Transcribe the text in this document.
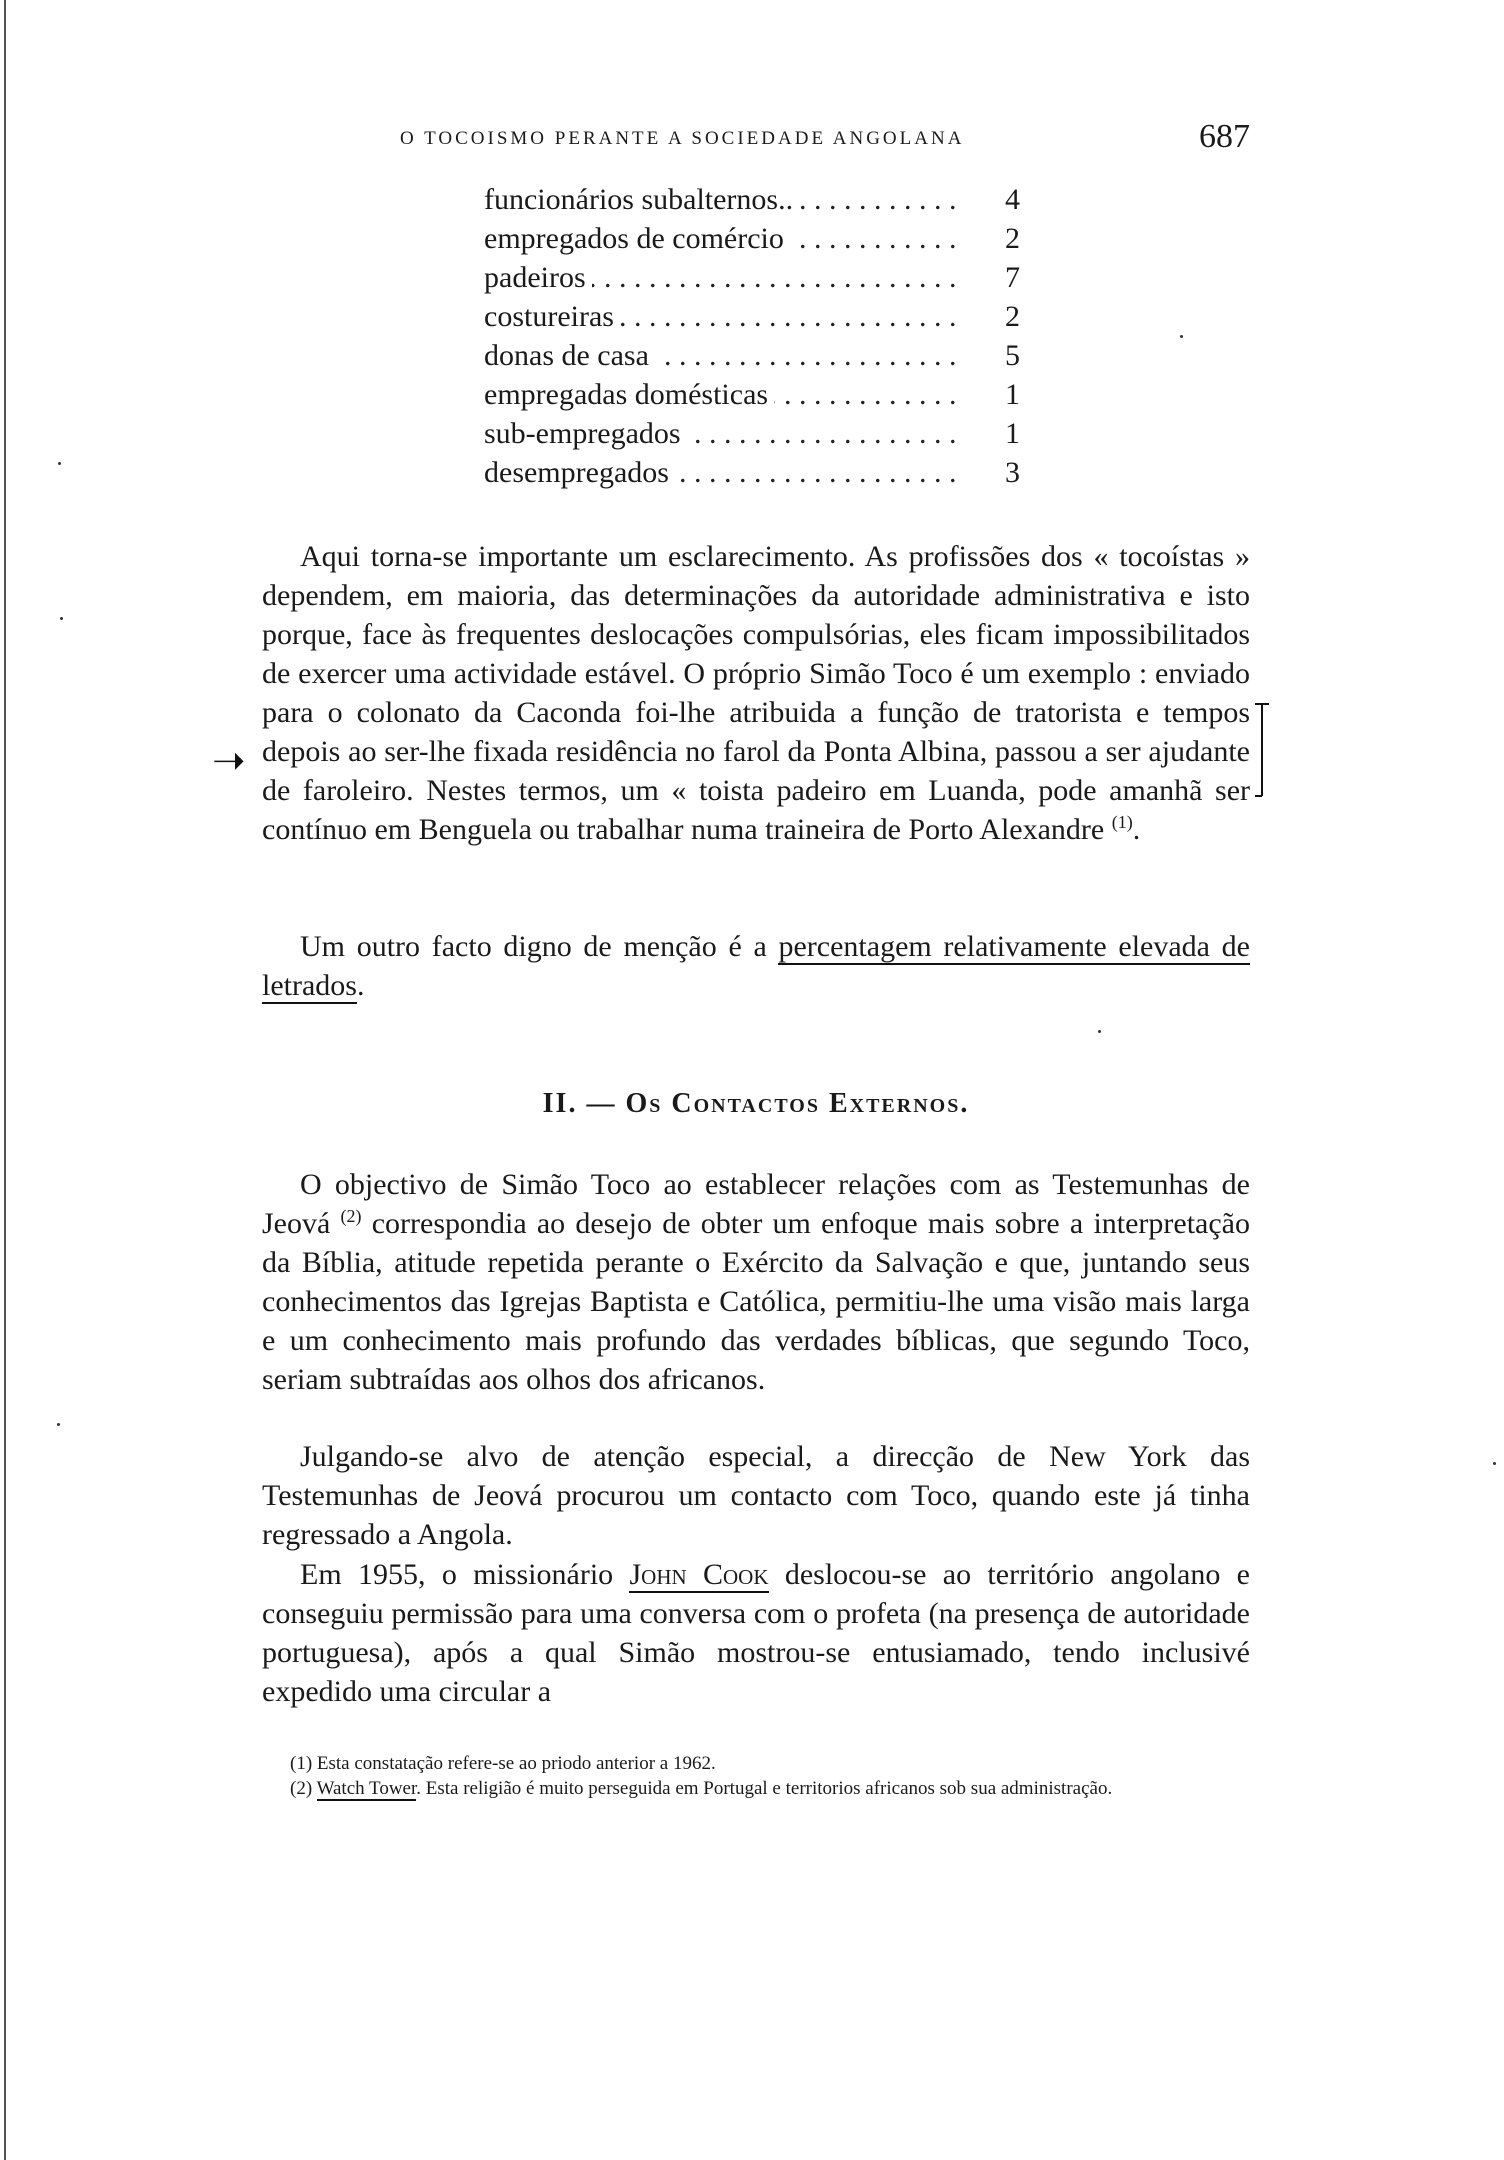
O TOCOISMO PERANTE A SOCIEDADE ANGOLANA	687
. . .
funcionários subalternos..	4
. . .
empregados de comércio	2
. . .
padeiros	7
. . .
costureiras	2
. . .
donas de casa	5
. . .
empregadas domésticas	1
. . .
sub-empregados	1
. . .
desempregados	3

Aqui torna-se importante um esclarecimento. As profissões dos « tocoístas » dependem, em maioria, das determinações da autoridade administrativa e isto porque, face às frequentes deslocações compulsórias, eles ficam impossibilitados de exercer uma actividade estável. O próprio Simão Toco é um exemplo : enviado para o colonato da Caconda foi-lhe atribuida a função de tratorista e tempos depois ao ser-lhe fixada residência no farol da Ponta Albina, passou a ser ajudante de faroleiro. Nestes termos, um « toista padeiro em Luanda, pode amanhã ser contínuo em Benguela ou trabalhar numa traineira de Porto Alexandre $^{(1)}$.

Um outro facto digno de menção é a percentagem relativamente elevada de letrados.

II. — Os Contactos Externos.

O objectivo de Simão Toco ao establecer relações com as Testemunhas de Jeová $^{(2)}$ correspondia ao desejo de obter um enfoque mais sobre a interpretação da Bíblia, atitude repetida perante o Exército da Salvação e que, juntando seus conhecimentos das Igrejas Baptista e Católica, permitiu-lhe uma visão mais larga e um conhecimento mais profundo das verdades bíblicas, que segundo Toco, seriam subtraídas aos olhos dos africanos.

Julgando-se alvo de atenção especial, a direcção de New York das Testemunhas de Jeová procurou um contacto com Toco, quando este já tinha regressado a Angola.

Em 1955, o missionário John Cook deslocou-se ao território angolano e conseguiu permissão para uma conversa com o profeta (na presença de autoridade portuguesa), após a qual Simão mostrou-se entusiamado, tendo inclusivé expedido uma circular a

(1) Esta constatação refere-se ao priodo anterior a 1962.

(2) Watch Tower. Esta religião é muito perseguida em Portugal e territorios africanos sob sua administração.

➝
